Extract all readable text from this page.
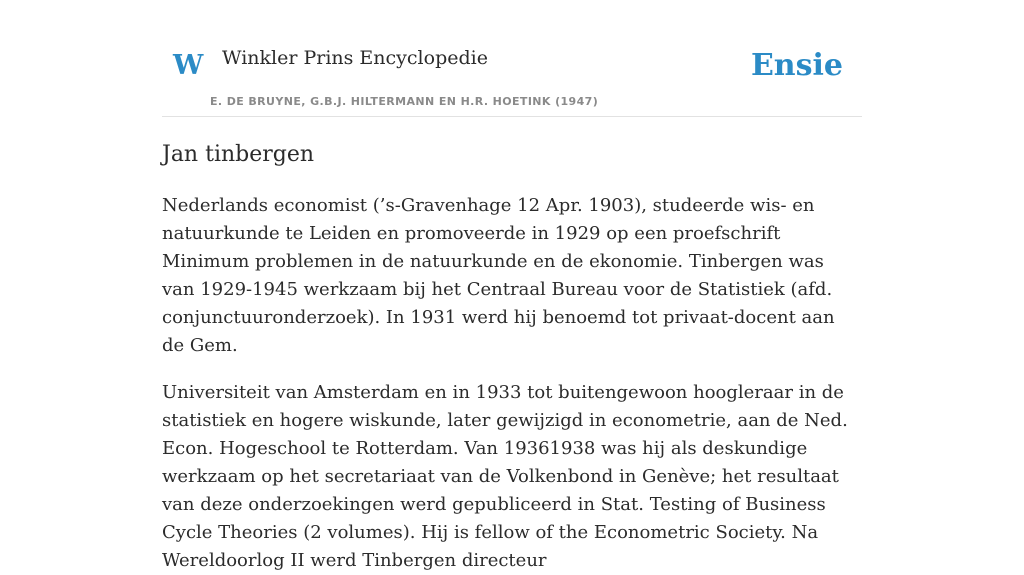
W Winkler Prins Encyclopedie
E. DE BRUYNE, G.B.J. HILTERMANN EN H.R. HOETINK (1947)
Ensie
Jan tinbergen

Nederlands economist (’s-Gravenhage 12 Apr. 1903), studeerde wis- en natuurkunde te Leiden en promoveerde in 1929 op een proefschrift Minimum problemen in de natuurkunde en de ekonomie. Tinbergen was van 1929-1945 werkzaam bij het Centraal Bureau voor de Statistiek (afd. conjunctuuronderzoek). In 1931 werd hij benoemd tot privaat-docent aan de Gem.

Universiteit van Amsterdam en in 1933 tot buitengewoon hoogleraar in de statistiek en hogere wiskunde, later gewijzigd in econometrie, aan de Ned. Econ. Hogeschool te Rotterdam. Van 19361938 was hij als deskundige werkzaam op het secretariaat van de Volkenbond in Genève; het resultaat van deze onderzoekingen werd gepubliceerd in Stat. Testing of Business Cycle Theories (2 volumes). Hij is fellow of the Econometric Society. Na Wereldoorlog II werd Tinbergen directeur
